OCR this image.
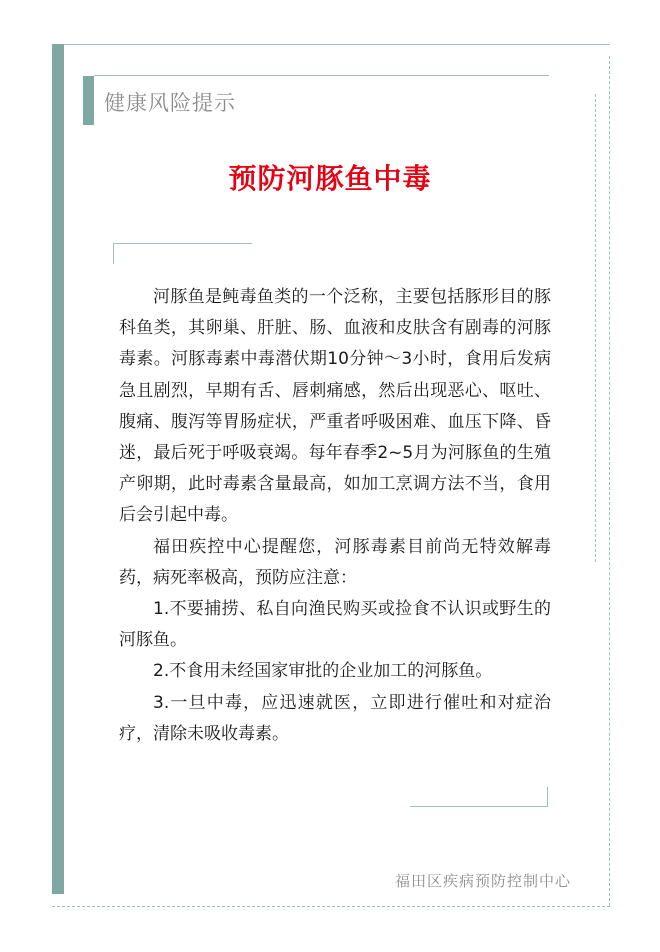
健康风险提示
预防河豚鱼中毒

河豚鱼是鲀毒鱼类的一个泛称，主要包括豚形目的豚科鱼类，其卵巢、肝脏、肠、血液和皮肤含有剧毒的河豚毒素。河豚毒素中毒潜伏期10分钟～3小时，食用后发病急且剧烈，早期有舌、唇刺痛感，然后出现恶心、呕吐、腹痛、腹泻等胃肠症状，严重者呼吸困难、血压下降、昏迷，最后死于呼吸衰竭。每年春季2~5月为河豚鱼的生殖产卵期，此时毒素含量最高，如加工烹调方法不当，食用后会引起中毒。

福田疾控中心提醒您，河豚毒素目前尚无特效解毒药，病死率极高，预防应注意：

1.不要捕捞、私自向渔民购买或捡食不认识或野生的河豚鱼。

2.不食用未经国家审批的企业加工的河豚鱼。

3.一旦中毒，应迅速就医，立即进行催吐和对症治疗，清除未吸收毒素。

福田区疾病预防控制中心
